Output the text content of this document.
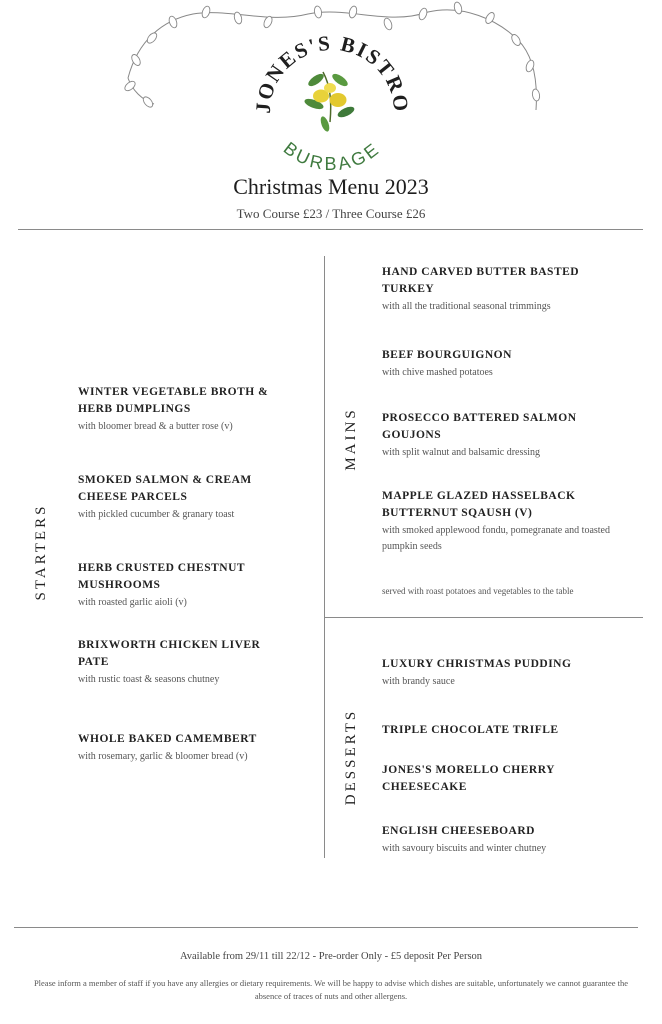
JONES'S BISTRO
BURBAGE
Christmas Menu 2023
Two Course £23 / Three Course £26
STARTERS
MAINS
DESSERTS
WINTER VEGETABLE BROTH & HERB DUMPLINGS
with bloomer bread & a butter rose (v)
SMOKED SALMON & CREAM CHEESE PARCELS
with pickled cucumber & granary toast
HERB CRUSTED CHESTNUT MUSHROOMS
with roasted garlic aioli (v)
BRIXWORTH CHICKEN LIVER PATE
with rustic toast & seasons chutney
WHOLE BAKED CAMEMBERT
with rosemary, garlic & bloomer bread (v)
HAND CARVED BUTTER BASTED TURKEY
with all the traditional seasonal trimmings
BEEF BOURGUIGNON
with chive mashed potatoes
PROSECCO BATTERED SALMON GOUJONS
with split walnut and balsamic dressing
MAPPLE GLAZED HASSELBACK BUTTERNUT SQAUSH (V)
with smoked applewood fondu, pomegranate and toasted pumpkin seeds
served with roast potatoes and vegetables to the table
LUXURY CHRISTMAS PUDDING
with brandy sauce
TRIPLE CHOCOLATE TRIFLE
JONES'S MORELLO CHERRY CHEESECAKE
ENGLISH CHEESEBOARD
with savoury biscuits and winter chutney
Available from 29/11 till 22/12 - Pre-order Only - £5 deposit Per Person
Please inform a member of staff if you have any allergies or dietary requirements. We will be happy to advise which dishes are suitable, unfortunately we cannot guarantee the absence of traces of nuts and other allergens.
